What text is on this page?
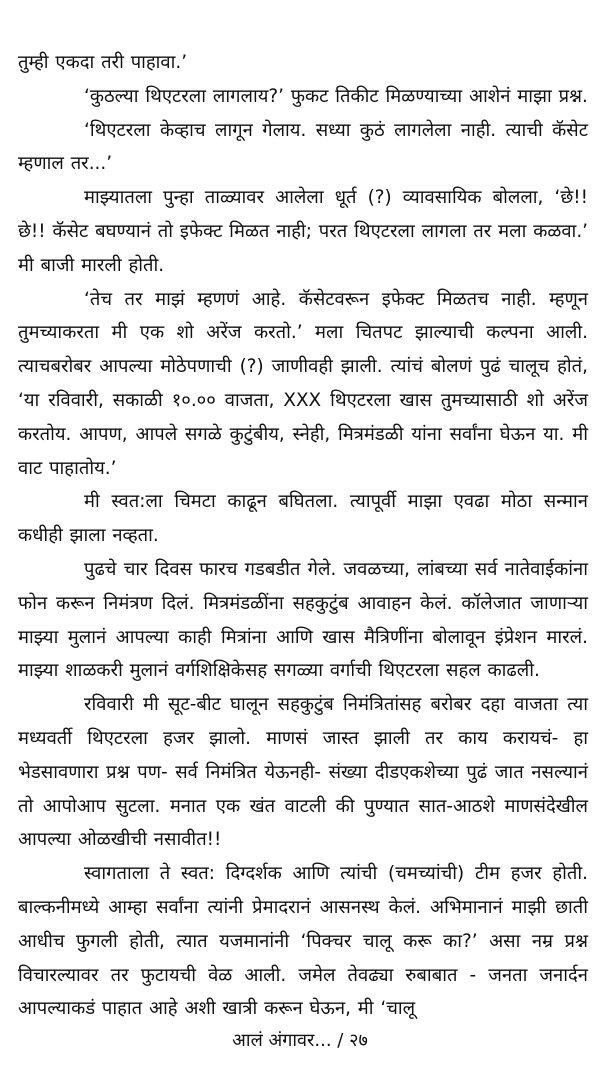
तुम्ही एकदा तरी पाहावा.’

‘कुठल्या थिएटरला लागलाय?’ फुकट तिकीट मिळण्याच्या आशेनं माझा प्रश्न.

‘थिएटरला केव्हाच लागून गेलाय. सध्या कुठं लागलेला नाही. त्याची कॅसेट म्हणाल तर...’

माझ्यातला पुन्हा ताळ्यावर आलेला धूर्त (?) व्यावसायिक बोलला, ‘छे!! छे!! कॅसेट बघण्यानं तो इफेक्ट मिळत नाही; परत थिएटरला लागला तर मला कळवा.’ मी बाजी मारली होती.

‘तेच तर माझं म्हणणं आहे. कॅसेटवरून इफेक्ट मिळतच नाही. म्हणून तुमच्याकरता मी एक शो अरेंज करतो.’ मला चितपट झाल्याची कल्पना आली. त्याचबरोबर आपल्या मोठेपणाची (?) जाणीवही झाली. त्यांचं बोलणं पुढं चालूच होतं, ‘या रविवारी, सकाळी १०.०० वाजता, XXX थिएटरला खास तुमच्यासाठी शो अरेंज करतोय. आपण, आपले सगळे कुटुंबीय, स्नेही, मित्रमंडळी यांना सर्वांना घेऊन या. मी वाट पाहातोय.’

मी स्वत:ला चिमटा काढून बघितला. त्यापूर्वी माझा एवढा मोठा सन्मान कधीही झाला नव्हता.

पुढचे चार दिवस फारच गडबडीत गेले. जवळच्या, लांबच्या सर्व नातेवाईकांना फोन करून निमंत्रण दिलं. मित्रमंडळींना सहकुटुंब आवाहन केलं. कॉलेजात जाणाऱ्या माझ्या मुलानं आपल्या काही मित्रांना आणि खास मैत्रिणींना बोलावून इंप्रेशन मारलं. माझ्या शाळकरी मुलानं वर्गशिक्षिकेसह सगळ्या वर्गाची थिएटरला सहल काढली.

रविवारी मी सूट-बीट घालून सहकुटुंब निमंत्रितांसह बरोबर दहा वाजता त्या मध्यवर्ती थिएटरला हजर झालो. माणसं जास्त झाली तर काय करायचं- हा भेडसावणारा प्रश्न पण- सर्व निमंत्रित येऊनही- संख्या दीडएकशेच्या पुढं जात नसल्यानं तो आपोआप सुटला. मनात एक खंत वाटली की पुण्यात सात-आठशे माणसंदेखील आपल्या ओळखीची नसावीत!!

स्वागताला ते स्वत: दिग्दर्शक आणि त्यांची (चमच्यांची) टीम हजर होती. बाल्कनीमध्ये आम्हा सर्वांना त्यांनी प्रेमादरानं आसनस्थ केलं. अभिमानानं माझी छाती आधीच फुगली होती, त्यात यजमानांनी ‘पिक्चर चालू करू का?’ असा नम्र प्रश्न विचारल्यावर तर फुटायची वेळ आली. जमेल तेवढ्या रुबाबात - जनता जनार्दन आपल्याकडं पाहात आहे अशी खात्री करून घेऊन, मी ‘चालू

आलं अंगावर... / २७
